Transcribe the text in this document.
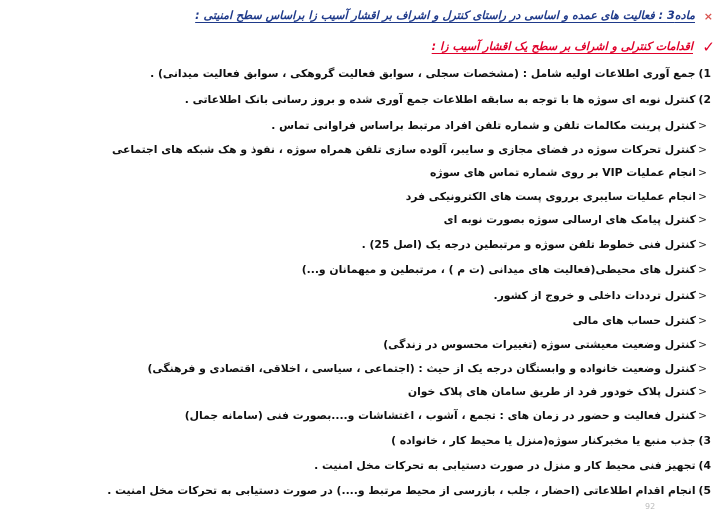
×
ماده3 : فعالیت های عمده و اساسی در راستای کنترل و اشراف بر اقشار آسیب زا براساس سطح امنیتی :
✓
اقدامات کنترلی و اشراف بر سطح یک اقشار آسیب زا :
1)جمع آوری اطلاعات اولیه شامل : (مشخصات سجلی ، سوابق فعالیت گروهکی ، سوابق فعالیت میدانی) .
2)کنترل نوبه ای سوژه ها با توجه به سابقه اطلاعات جمع آوری شده و بروز رسانی بانک اطلاعاتی .
<کنترل پرینت مکالمات تلفن و شماره تلفن افراد مرتبط براساس فراوانی تماس .
<کنترل تحرکات سوژه در فضای مجازی و سایبر، آلوده سازی تلفن همراه سوژه ، نفوذ و هک شبکه های اجتماعی
<انجام عملیات VIP بر روی شماره تماس های سوژه
<انجام عملیات سایبری برروی پست های الکترونیکی فرد
<کنترل پیامک های ارسالی سوژه بصورت نوبه ای
<کنترل فنی خطوط تلفن سوژه و مرتبطین درجه یک (اصل 25) .
<کنترل های محیطی(فعالیت های میدانی (ت م ) ، مرتبطین و میهمانان و...)
<کنترل ترددات داخلی و خروج از کشور.
<کنترل حساب های مالی
<کنترل وضعیت معیشتی سوژه (تغییرات محسوس در زندگی)
<کنترل وضعیت خانواده و وابستگان درجه یک از حیث : (اجتماعی ، سیاسی ، اخلاقی، اقتصادی و فرهنگی)
<کنترل پلاک خودور فرد از طریق سامان های پلاک خوان
<کنترل فعالیت و حضور در زمان های : تجمع ، آشوب ، اغتشاشات و....بصورت فنی (سامانه جمال)
3)جذب منبع یا مخبرکنار سوژه(منزل یا محیط کار ، خانواده )
4)تجهیز فنی محیط کار و منزل در صورت دستیابی به تحرکات مخل امنیت .
5)انجام اقدام اطلاعاتی (احضار ، جلب ، بازرسی از محیط مرتبط و....) در صورت دستیابی به تحرکات مخل امنیت .
92
